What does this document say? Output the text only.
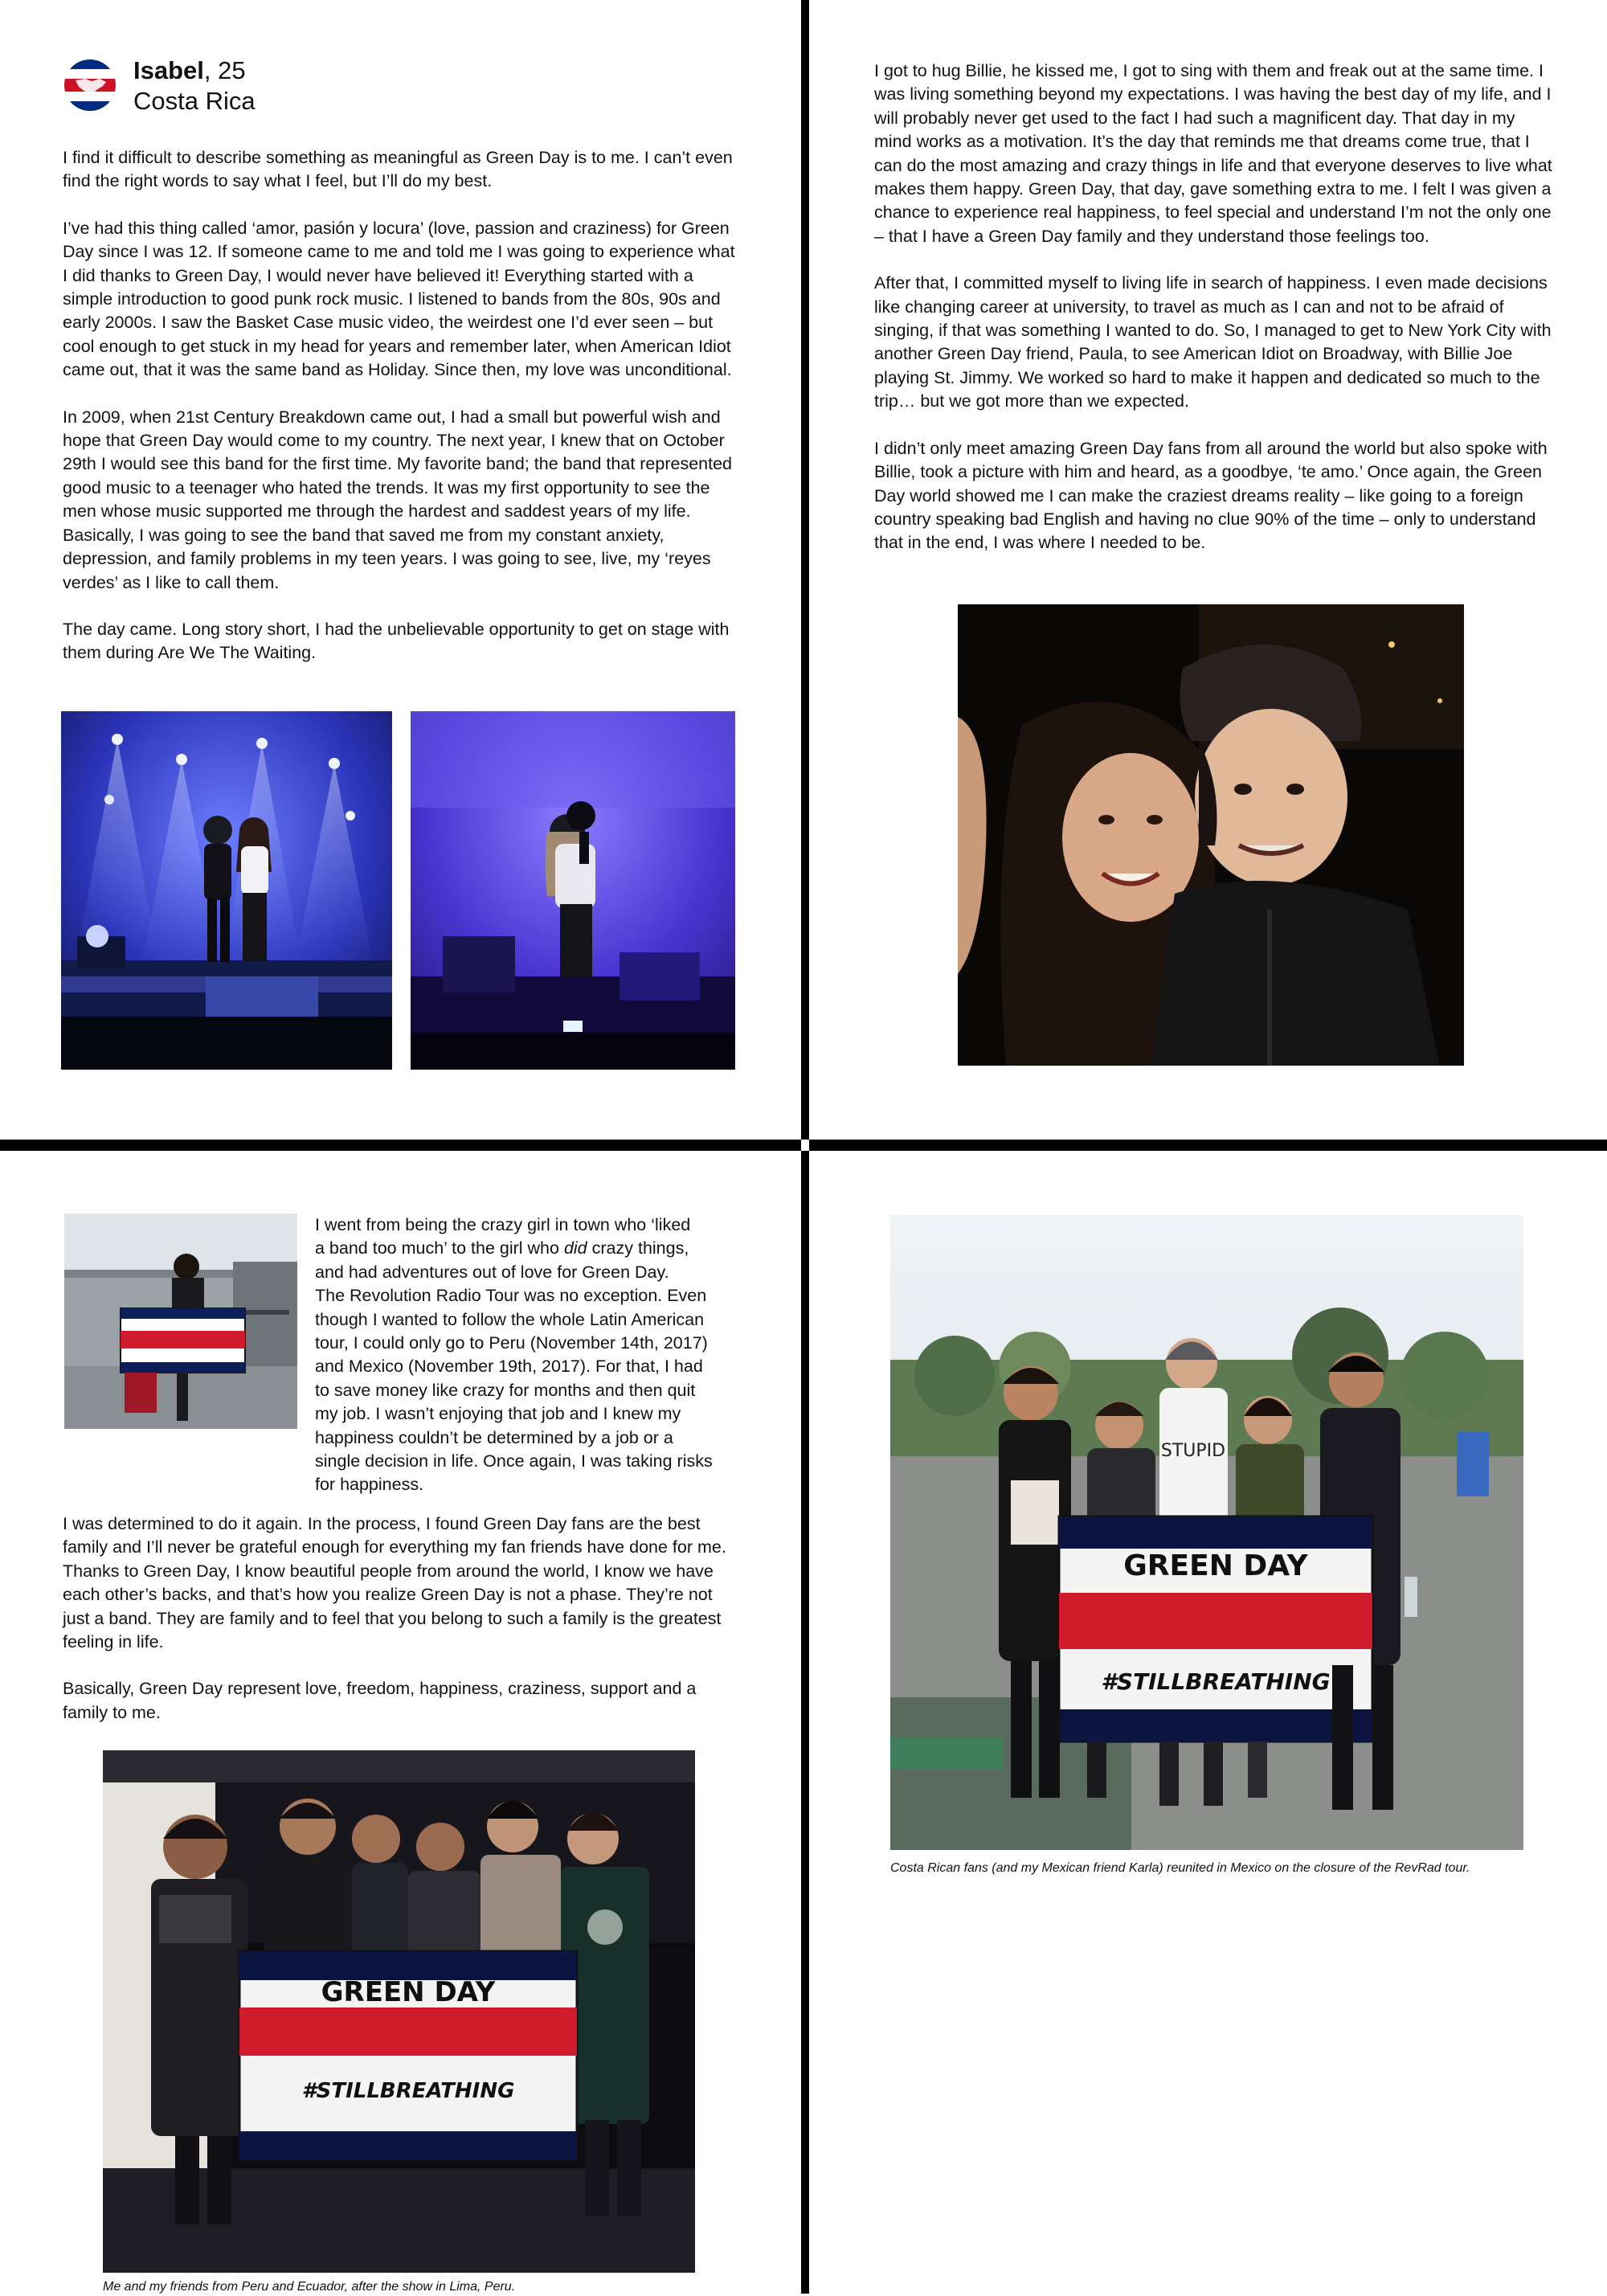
Isabel, 25
Costa Rica

I find it difficult to describe something as meaningful as Green Day is to me. I can’t even find the right words to say what I feel, but I’ll do my best.

I’ve had this thing called ‘amor, pasión y locura’ (love, passion and craziness) for Green Day since I was 12. If someone came to me and told me I was going to experience what I did thanks to Green Day, I would never have believed it! Everything started with a simple introduction to good punk rock music. I listened to bands from the 80s, 90s and early 2000s. I saw the Basket Case music video, the weirdest one I’d ever seen – but cool enough to get stuck in my head for years and remember later, when American Idiot came out, that it was the same band as Holiday. Since then, my love was unconditional.

In 2009, when 21st Century Breakdown came out, I had a small but powerful wish and hope that Green Day would come to my country. The next year, I knew that on October 29th I would see this band for the first time. My favorite band; the band that represented good music to a teenager who hated the trends. It was my first opportunity to see the men whose music supported me through the hardest and saddest years of my life. Basically, I was going to see the band that saved me from my constant anxiety, depression, and family problems in my teen years. I was going to see, live, my ‘reyes verdes’ as I like to call them.

The day came. Long story short, I had the unbelievable opportunity to get on stage with them during Are We The Waiting.

I got to hug Billie, he kissed me, I got to sing with them and freak out at the same time. I was living something beyond my expectations. I was having the best day of my life, and I will probably never get used to the fact I had such a magnificent day. That day in my mind works as a motivation. It’s the day that reminds me that dreams come true, that I can do the most amazing and crazy things in life and that everyone deserves to live what makes them happy. Green Day, that day, gave something extra to me. I felt I was given a chance to experience real happiness, to feel special and understand I’m not the only one – that I have a Green Day family and they understand those feelings too.

After that, I committed myself to living life in search of happiness. I even made decisions like changing career at university, to travel as much as I can and not to be afraid of singing, if that was something I wanted to do. So, I managed to get to New York City with another Green Day friend, Paula, to see American Idiot on Broadway, with Billie Joe playing St. Jimmy. We worked so hard to make it happen and dedicated so much to the trip… but we got more than we expected.

I didn’t only meet amazing Green Day fans from all around the world but also spoke with Billie, took a picture with him and heard, as a goodbye, ‘te amo.’ Once again, the Green Day world showed me I can make the craziest dreams reality – like going to a foreign country speaking bad English and having no clue 90% of the time – only to understand that in the end, I was where I needed to be.

I went from being the crazy girl in town who ‘liked
a band too much’ to the girl who did crazy things,
and had adventures out of love for Green Day.
The Revolution Radio Tour was no exception. Even
though I wanted to follow the whole Latin American
tour, I could only go to Peru (November 14th, 2017)
and Mexico (November 19th, 2017). For that, I had
to save money like crazy for months and then quit
my job. I wasn’t enjoying that job and I knew my
happiness couldn’t be determined by a job or a
single decision in life. Once again, I was taking risks
for happiness.

I was determined to do it again. In the process, I found Green Day fans are the best family and I’ll never be grateful enough for everything my fan friends have done for me. Thanks to Green Day, I know beautiful people from around the world, I know we have each other’s backs, and that’s how you realize Green Day is not a phase. They’re not just a band. They are family and to feel that you belong to such a family is the greatest feeling in life.

Basically, Green Day represent love, freedom, happiness, craziness, support and a family to me.

GREEN DAY
#STILLBREATHING

Me and my friends from Peru and Ecuador, after the show in Lima, Peru.

STUPID
GREEN DAY
#STILLBREATHING

Costa Rican fans (and my Mexican friend Karla) reunited in Mexico on the closure of the RevRad tour.
